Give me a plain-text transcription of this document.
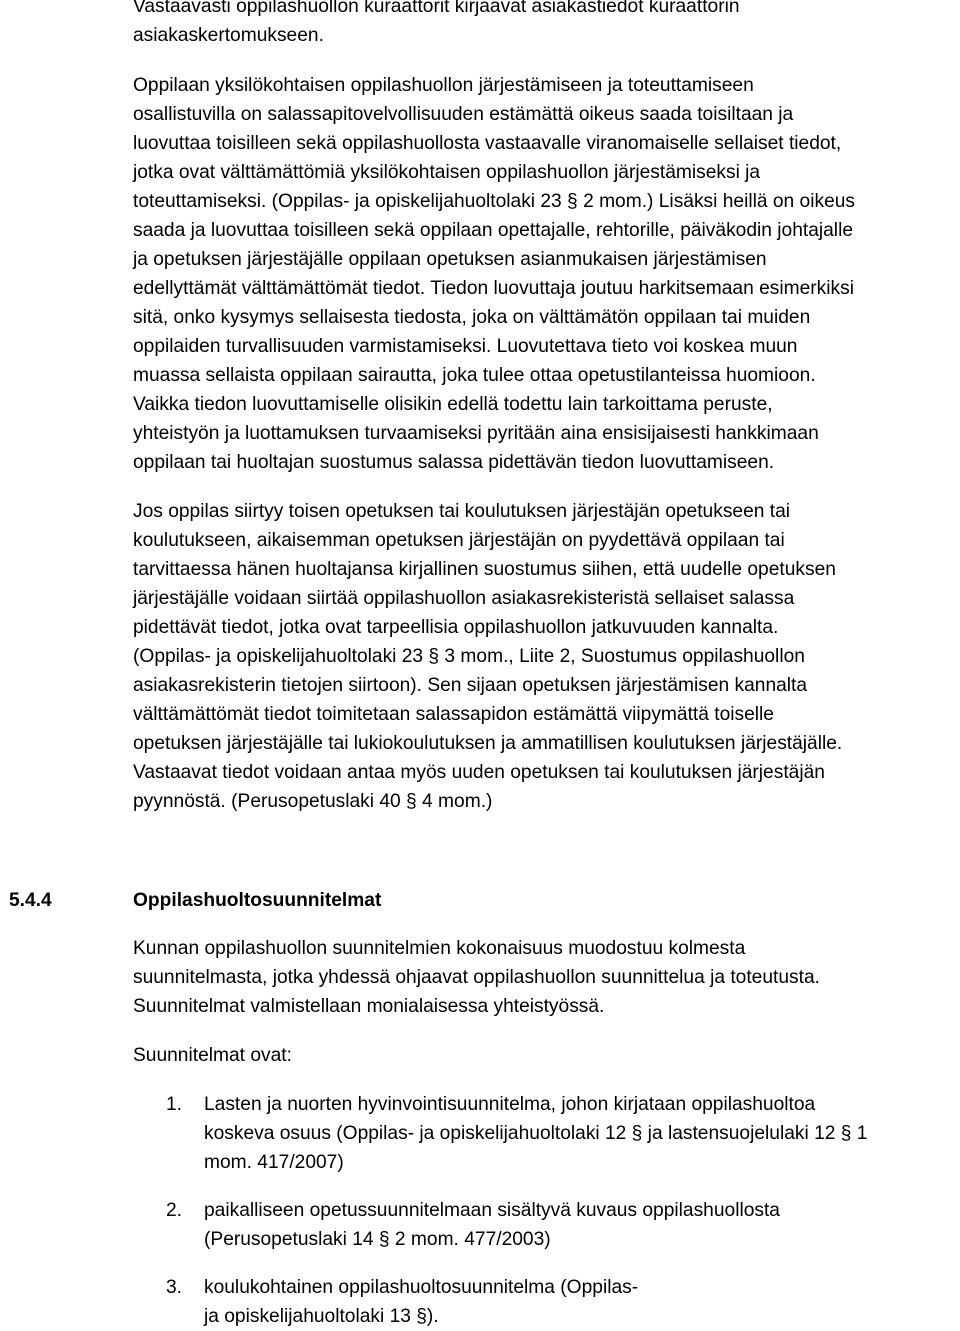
Vastaavasti oppilashuollon kuraattorit kirjaavat asiakastiedot kuraattorin
asiakaskertomukseen.

Oppilaan yksilökohtaisen oppilashuollon järjestämiseen ja toteuttamiseen
osallistuvilla on salassapitovelvollisuuden estämättä oikeus saada toisiltaan ja
luovuttaa toisilleen sekä oppilashuollosta vastaavalle viranomaiselle sellaiset tiedot,
jotka ovat välttämättömiä yksilökohtaisen oppilashuollon järjestämiseksi ja
toteuttamiseksi. (Oppilas- ja opiskelijahuoltolaki 23 § 2 mom.) Lisäksi heillä on oikeus
saada ja luovuttaa toisilleen sekä oppilaan opettajalle, rehtorille, päiväkodin johtajalle
ja opetuksen järjestäjälle oppilaan opetuksen asianmukaisen järjestämisen
edellyttämät välttämättömät tiedot. Tiedon luovuttaja joutuu harkitsemaan esimerkiksi
sitä, onko kysymys sellaisesta tiedosta, joka on välttämätön oppilaan tai muiden
oppilaiden turvallisuuden varmistamiseksi. Luovutettava tieto voi koskea muun
muassa sellaista oppilaan sairautta, joka tulee ottaa opetustilanteissa huomioon.
Vaikka tiedon luovuttamiselle olisikin edellä todettu lain tarkoittama peruste,
yhteistyön ja luottamuksen turvaamiseksi pyritään aina ensisijaisesti hankkimaan
oppilaan tai huoltajan suostumus salassa pidettävän tiedon luovuttamiseen.

Jos oppilas siirtyy toisen opetuksen tai koulutuksen järjestäjän opetukseen tai
koulutukseen, aikaisemman opetuksen järjestäjän on pyydettävä oppilaan tai
tarvittaessa hänen huoltajansa kirjallinen suostumus siihen, että uudelle opetuksen
järjestäjälle voidaan siirtää oppilashuollon asiakasrekisteristä sellaiset salassa
pidettävät tiedot, jotka ovat tarpeellisia oppilashuollon jatkuvuuden kannalta.
(Oppilas- ja opiskelijahuoltolaki 23 § 3 mom., Liite 2, Suostumus oppilashuollon
asiakasrekisterin tietojen siirtoon). Sen sijaan opetuksen järjestämisen kannalta
välttämättömät tiedot toimitetaan salassapidon estämättä viipymättä toiselle
opetuksen järjestäjälle tai lukiokoulutuksen ja ammatillisen koulutuksen järjestäjälle.
Vastaavat tiedot voidaan antaa myös uuden opetuksen tai koulutuksen järjestäjän
pyynnöstä. (Perusopetuslaki 40 § 4 mom.)

5.4.4	Oppilashuoltosuunnitelmat

Kunnan oppilashuollon suunnitelmien kokonaisuus muodostuu kolmesta
suunnitelmasta, jotka yhdessä ohjaavat oppilashuollon suunnittelua ja toteutusta.
Suunnitelmat valmistellaan monialaisessa yhteistyössä.

Suunnitelmat ovat:

1. Lasten ja nuorten hyvinvointisuunnitelma, johon kirjataan oppilashuoltoa
koskeva osuus (Oppilas- ja opiskelijahuoltolaki 12 § ja lastensuojelulaki 12 § 1
mom. 417/2007)
2. paikalliseen opetussuunnitelmaan sisältyvä kuvaus oppilashuollosta
(Perusopetuslaki 14 § 2 mom. 477/2003)
3. koulukohtainen oppilashuoltosuunnitelma (Oppilas-
ja opiskelijahuoltolaki 13 §).
